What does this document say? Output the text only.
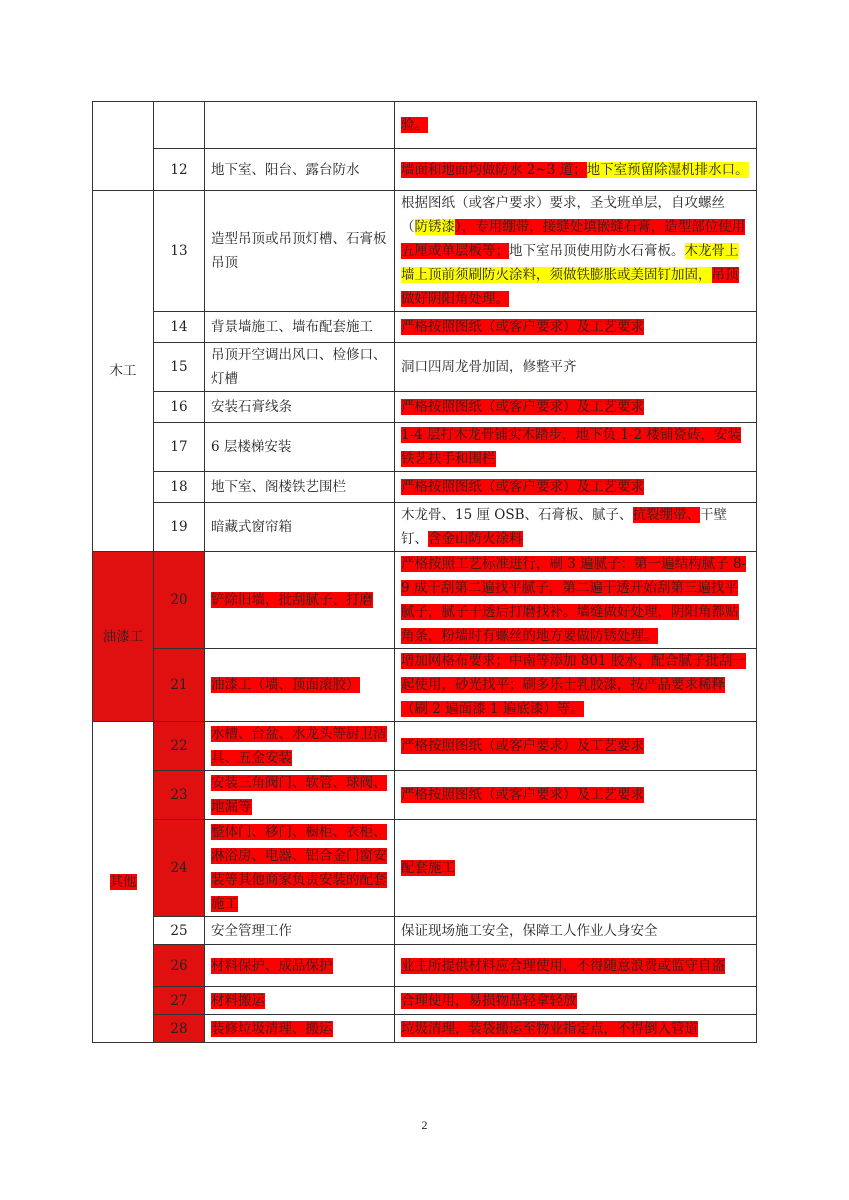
			验。
	12	地下室、阳台、露台防水	墙面和地面均做防水 2~3 道；地下室预留除湿机排水口。
木工	13	造型吊顶或吊顶灯槽、石膏板吊顶	根据图纸（或客户要求）要求，圣戈班单层，自攻螺丝（防锈漆），专用绷带，接缝处填嵌缝石膏，造型部位使用五厘或单层板等；地下室吊顶使用防水石膏板。木龙骨上墙上顶前须刷防火涂料，须做铁膨胀或美固钉加固，吊顶做好阴阳角处理。
	14	背景墙施工、墙布配套施工	严格按照图纸（或客户要求）及工艺要求
	15	吊顶开空调出风口、检修口、灯槽	洞口四周龙骨加固，修整平齐
	16	安装石膏线条	严格按照图纸（或客户要求）及工艺要求
	17	6 层楼梯安装	1-4 层打木龙骨铺实木踏步，地下负 1-2 楼铺瓷砖，安装铁艺扶手和围栏
	18	地下室、阁楼铁艺围栏	严格按照图纸（或客户要求）及工艺要求
	19	暗藏式窗帘箱	木龙骨、15 厘 OSB、石膏板、腻子、抗裂绷带、干壁钉、含金山防火涂料
油漆工	20	铲除旧墙，批刮腻子、打磨	严格按照工艺标准进行，刷 3 遍腻子：第一遍结构腻子 8-9 成干刮第二遍找平腻子，第二遍干透开始刮第三遍找平腻子，腻子干透后打磨找补。墙缝做好处理，阴阳角都贴角条，粉墙时有螺丝的地方要做防锈处理。
	21	油漆工（墙、顶面滚胶）	增加网格布要求；中南等添加 801 胶水，配合腻子批刮一起使用，砂光找平；刷多乐士乳胶漆，按产品要求稀释（刷 2 遍面漆 1 遍底漆）等。
其他	22	水槽、台盆、水龙头等厨卫洁具、五金安装	严格按照图纸（或客户要求）及工艺要求
	23	安装三角阀门、软管、球阀、地漏等	严格按照图纸（或客户要求）及工艺要求
	24	整体门、移门、橱柜、衣柜、淋浴房、电器、铝合金门窗安装等其他商家负责安装的配套施工	配套施工
	25	安全管理工作	保证现场施工安全，保障工人作业人身安全
	26	材料保护、成品保护	业主所提供材料应合理使用，不得随意浪费或监守自盗
	27	材料搬运	合理使用，易损物品轻拿轻放
	28	装修垃圾清理、搬运	垃圾清理，装袋搬运至物业指定点，不得倒入管道
2
